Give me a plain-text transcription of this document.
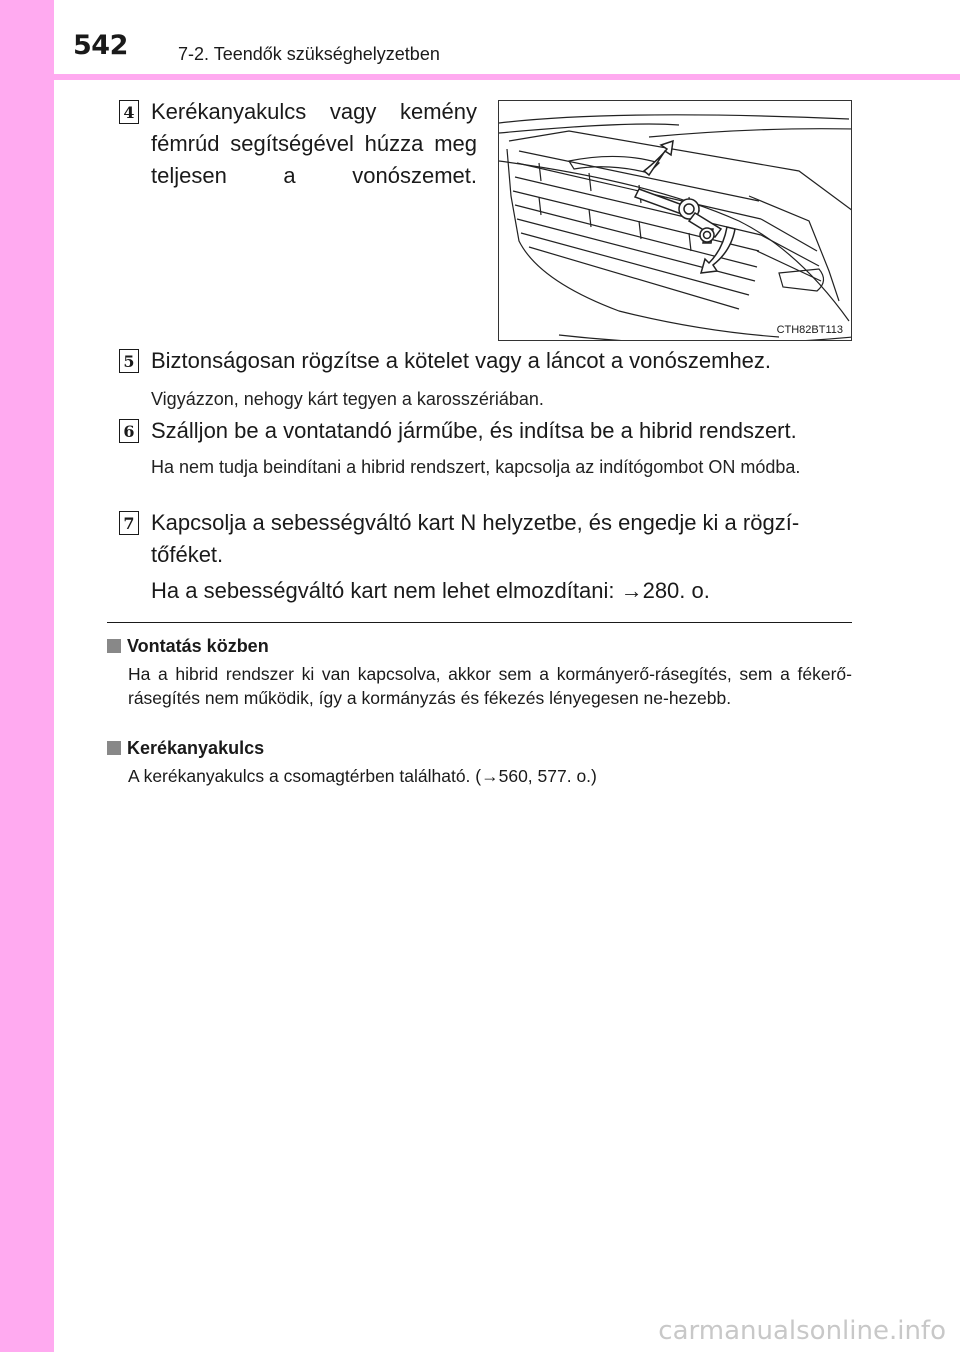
542	7-2. Teendők szükséghelyzetben
4 Kerékanyakulcs vagy kemény fémrúd segítségével húzza meg teljesen a vonószemet.
CTH82BT113
5 Biztonságosan rögzítse a kötelet vagy a láncot a vonószemhez.
Vigyázzon, nehogy kárt tegyen a karosszériában.
6 Szálljon be a vontatandó járműbe, és indítsa be a hibrid rendszert.
Ha nem tudja beindítani a hibrid rendszert, kapcsolja az indítógombot ON módba.
7 Kapcsolja a sebességváltó kart N helyzetbe, és engedje ki a rögzí-tőféket.
Ha a sebességváltó kart nem lehet elmozdítani: →280. o.
Vontatás közben
Ha a hibrid rendszer ki van kapcsolva, akkor sem a kormányerő-rásegítés, sem a fékerő-rásegítés nem működik, így a kormányzás és fékezés lényegesen ne-hezebb.
Kerékanyakulcs
A kerékanyakulcs a csomagtérben található. (→560, 577. o.)
carmanualsonline.info
